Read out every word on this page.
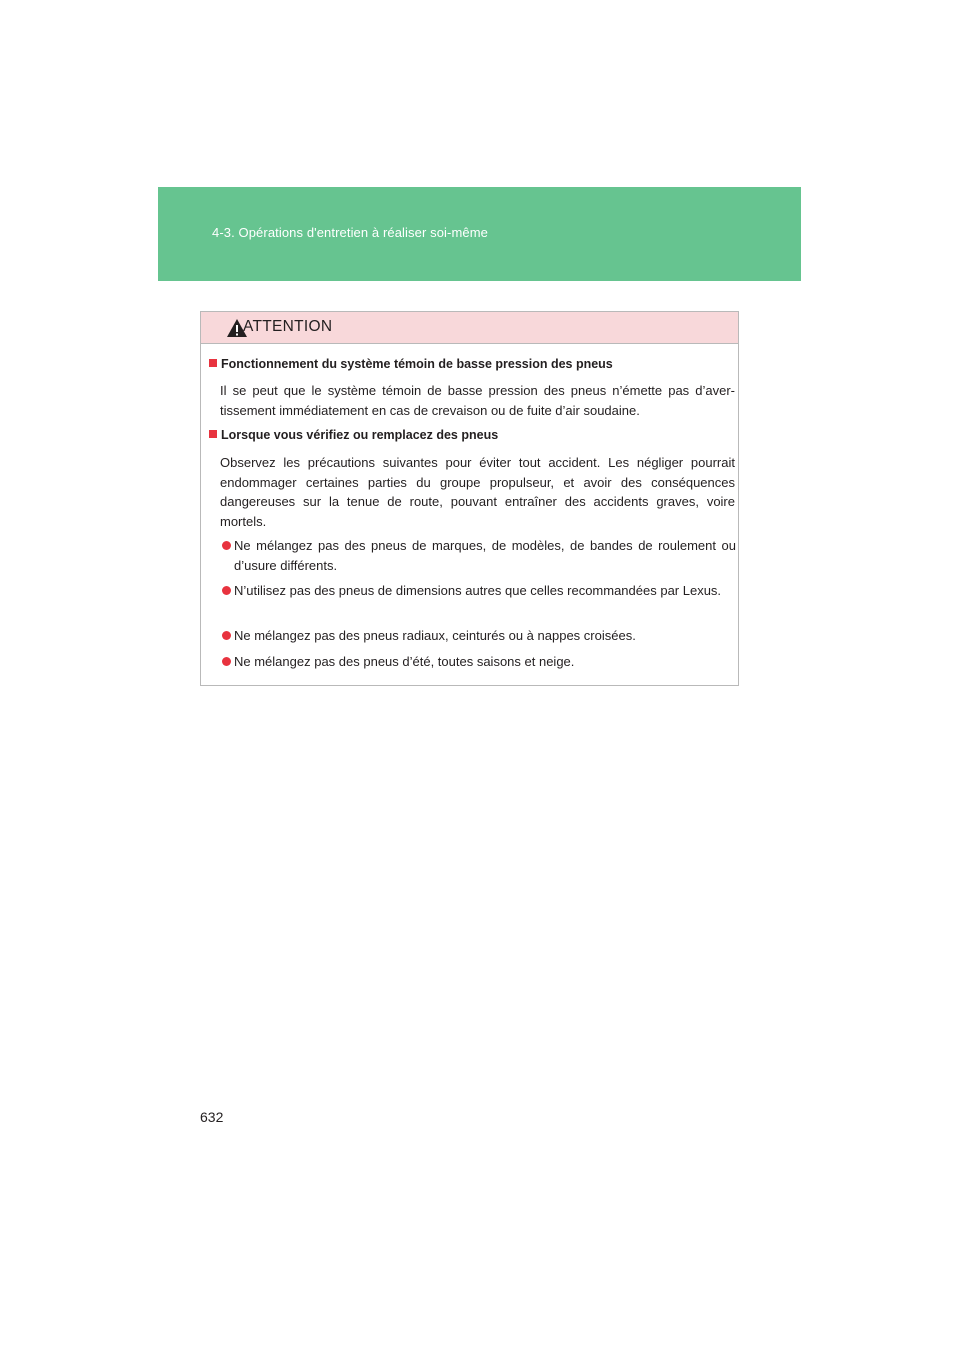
4-3. Opérations d'entretien à réaliser soi-même
ATTENTION
Fonctionnement du système témoin de basse pression des pneus
Il se peut que le système témoin de basse pression des pneus n’émette pas d’aver-tissement immédiatement en cas de crevaison ou de fuite d’air soudaine.
Lorsque vous vérifiez ou remplacez des pneus
Observez les précautions suivantes pour éviter tout accident. Les négliger pourrait endommager certaines parties du groupe propulseur, et avoir des conséquences dangereuses sur la tenue de route, pouvant entraîner des accidents graves, voire mortels.
Ne mélangez pas des pneus de marques, de modèles, de bandes de roulement ou d’usure différents.
N’utilisez pas des pneus de dimensions autres que celles recommandées par Lexus.
Ne mélangez pas des pneus radiaux, ceinturés ou à nappes croisées.
Ne mélangez pas des pneus d’été, toutes saisons et neige.
632
